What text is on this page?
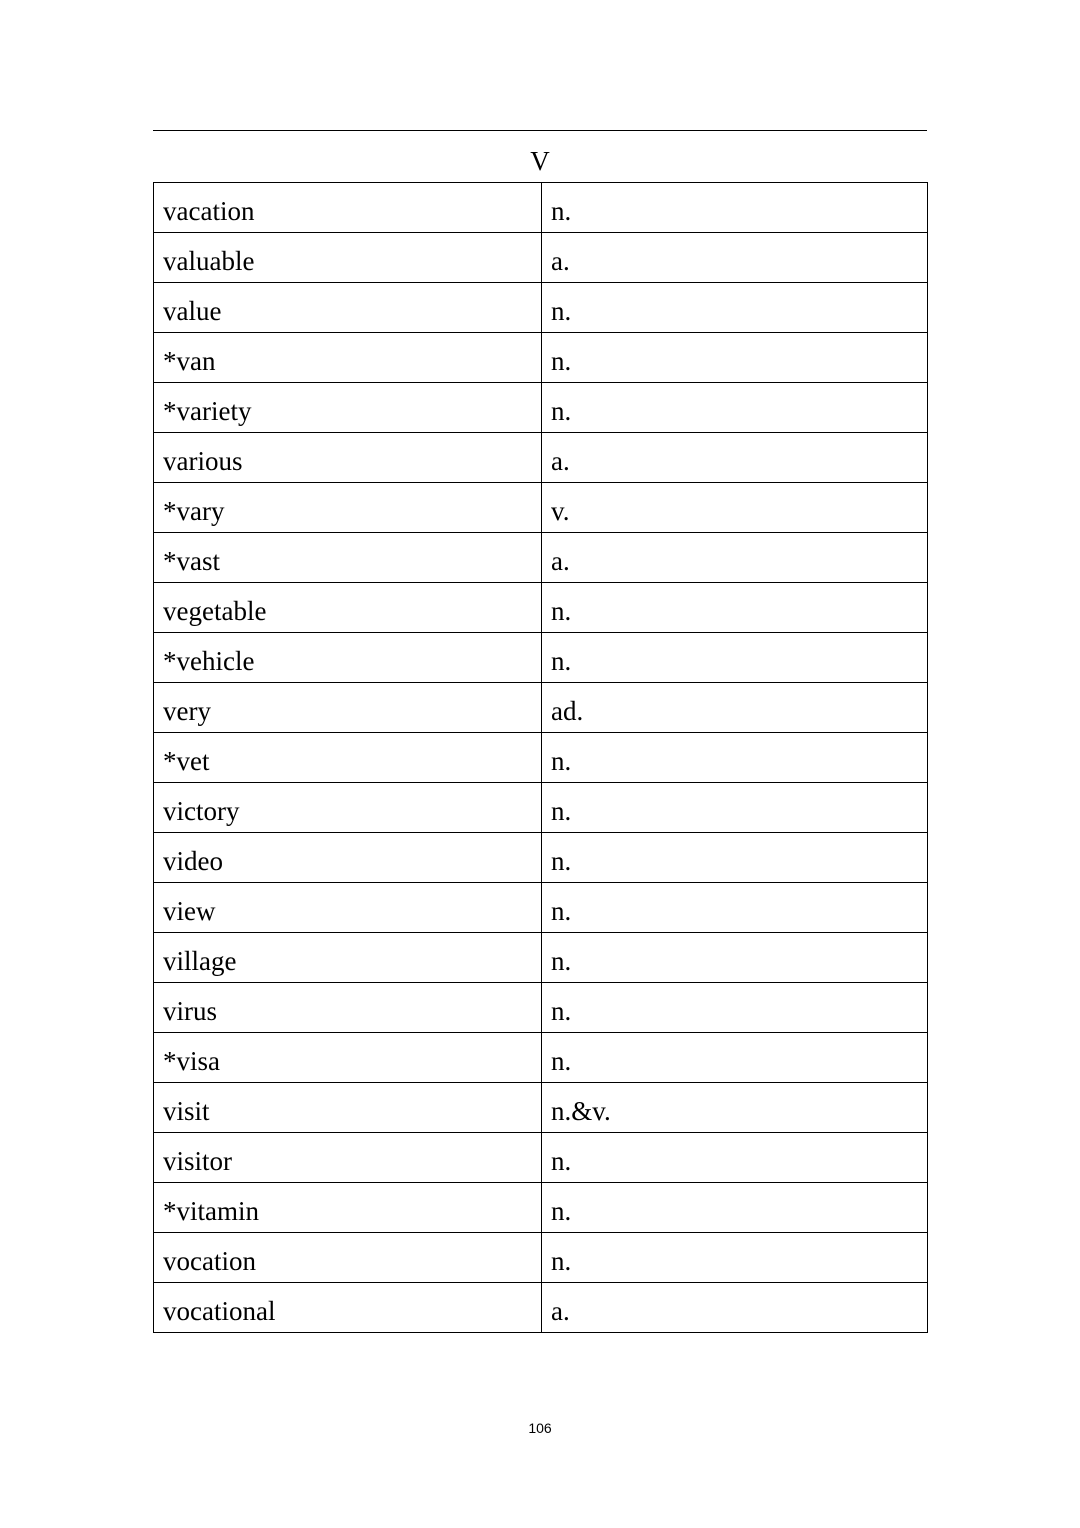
V
vacation	n.

valuable	a.

value	n.

*van	n.

*variety	n.

various	a.

*vary	v.

*vast	a.

vegetable	n.

*vehicle	n.

very	ad.

*vet	n.

victory	n.

video	n.

view	n.

village	n.

virus	n.

*visa	n.

visit	n.&v.

visitor	n.

*vitamin	n.

vocation	n.

vocational	a.
106
